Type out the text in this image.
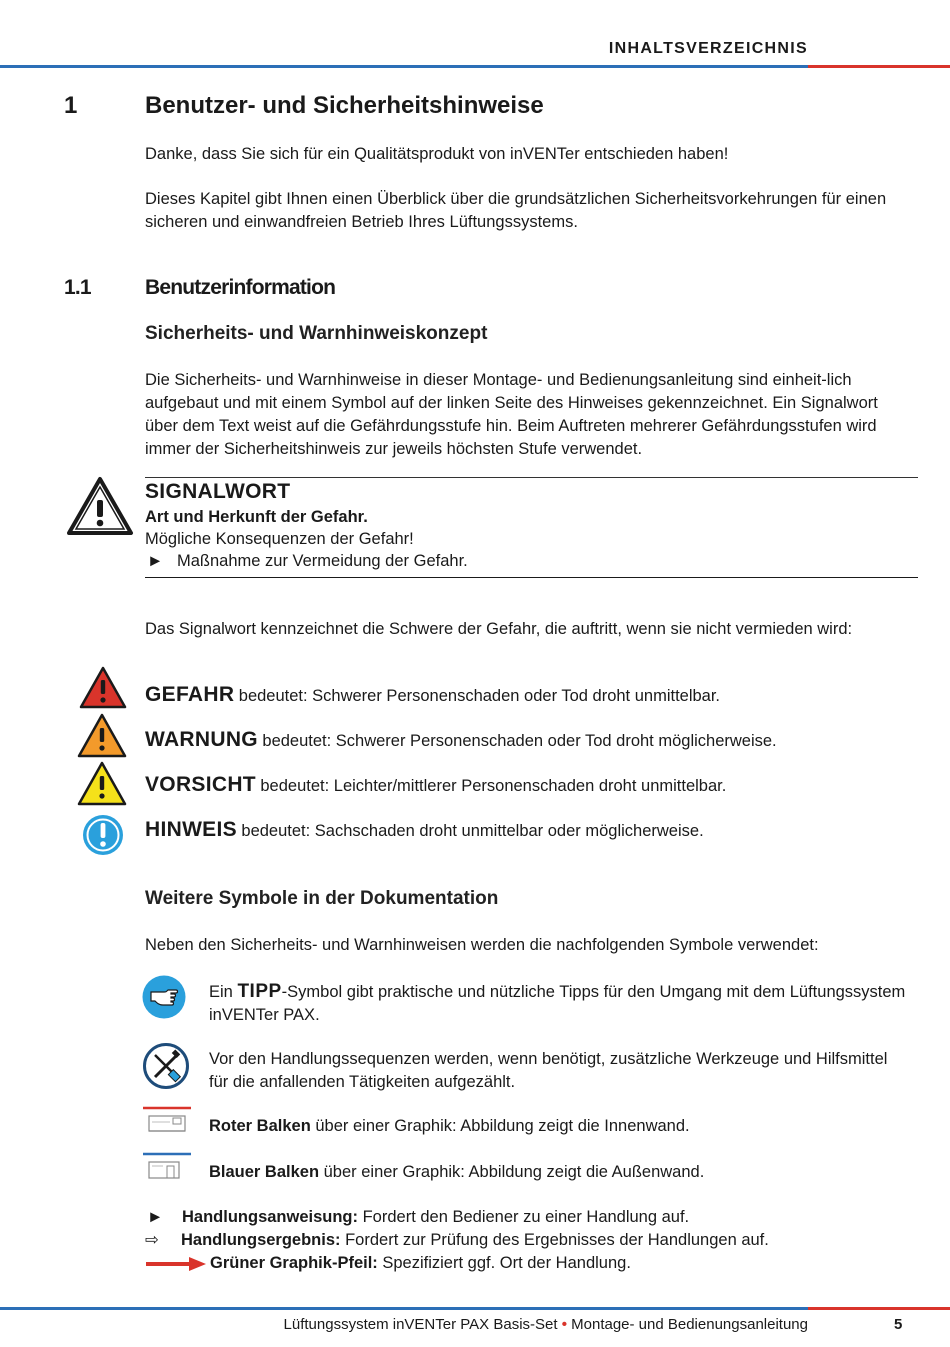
INHALTSVERZEICHNIS
1	Benutzer- und Sicherheitshinweise
Danke, dass Sie sich für ein Qualitätsprodukt von inVENTer entschieden haben!
Dieses Kapitel gibt Ihnen einen Überblick über die grundsätzlichen Sicherheitsvorkehrungen für einen sicheren und einwandfreien Betrieb Ihres Lüftungssystems.
1.1	Benutzerinformation
Sicherheits- und Warnhinweiskonzept
Die Sicherheits- und Warnhinweise in dieser Montage- und Bedienungsanleitung sind einheit-lich aufgebaut und mit einem Symbol auf der linken Seite des Hinweises gekennzeichnet. Ein Signalwort über dem Text weist auf die Gefährdungsstufe hin. Beim Auftreten mehrerer Gefährdungsstufen wird immer der Sicherheitshinweis zur jeweils höchsten Stufe verwendet.
SIGNALWORT
Art und Herkunft der Gefahr.
Mögliche Konsequenzen der Gefahr!
► Maßnahme zur Vermeidung der Gefahr.
Das Signalwort kennzeichnet die Schwere der Gefahr, die auftritt, wenn sie nicht vermieden wird:
GEFAHR bedeutet: Schwerer Personenschaden oder Tod droht unmittelbar.
WARNUNG bedeutet: Schwerer Personenschaden oder Tod droht möglicherweise.
VORSICHT bedeutet: Leichter/mittlerer Personenschaden droht unmittelbar.
HINWEIS bedeutet: Sachschaden droht unmittelbar oder möglicherweise.
Weitere Symbole in der Dokumentation
Neben den Sicherheits- und Warnhinweisen werden die nachfolgenden Symbole verwendet:
Ein TIPP-Symbol gibt praktische und nützliche Tipps für den Umgang mit dem Lüftungssystem inVENTer PAX.
Vor den Handlungssequenzen werden, wenn benötigt, zusätzliche Werkzeuge und Hilfsmittel für die anfallenden Tätigkeiten aufgezählt.
Roter Balken über einer Graphik: Abbildung zeigt die Innenwand.
Blauer Balken über einer Graphik: Abbildung zeigt die Außenwand.
► Handlungsanweisung: Fordert den Bediener zu einer Handlung auf.
⇨ Handlungsergebnis: Fordert zur Prüfung des Ergebnisses der Handlungen auf.
Grüner Graphik-Pfeil: Spezifiziert ggf. Ort der Handlung.
Lüftungssystem inVENTer PAX Basis-Set • Montage- und Bedienungsanleitung	5
